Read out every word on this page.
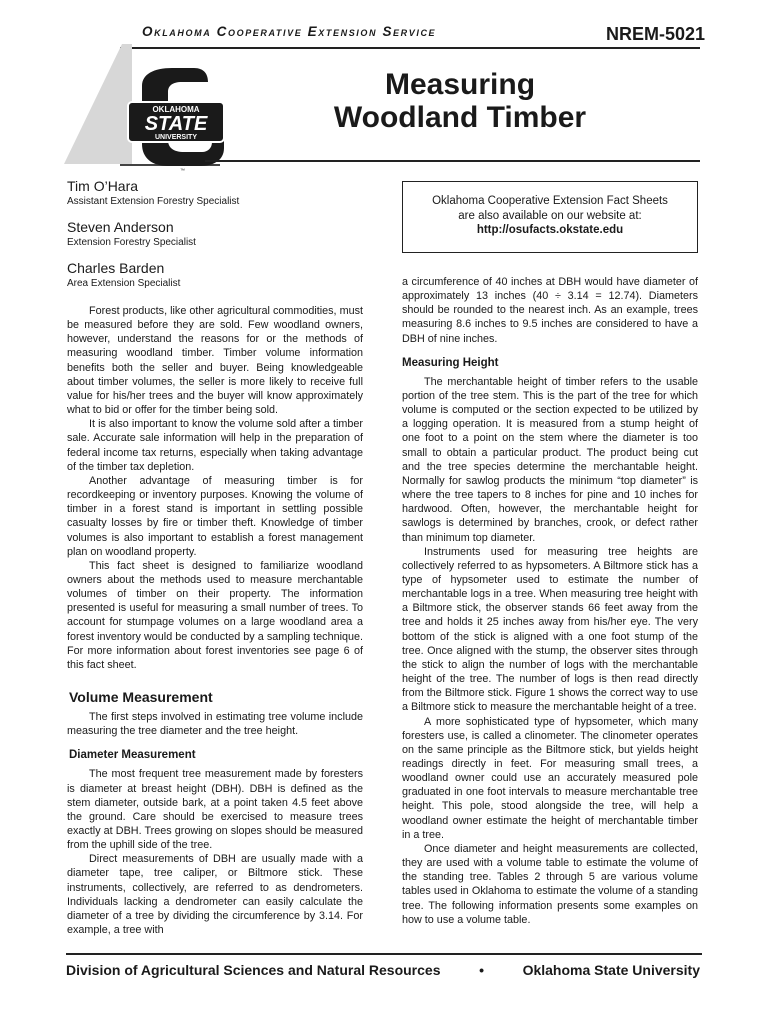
Oklahoma Cooperative Extension Service	NREM-5021
OKLAHOMA
STATE
UNIVERSITY
™
Measuring
Woodland Timber
Tim O’Hara
Assistant Extension Forestry Specialist
Steven Anderson
Extension Forestry Specialist
Charles Barden
Area Extension Specialist
Oklahoma Cooperative Extension Fact Sheets
are also available on our website at:
http://osufacts.okstate.edu

Forest products, like other agricultural commodities, must be measured before they are sold. Few woodland owners, however, understand the reasons for or the methods of measuring woodland timber. Timber volume information benefits both the seller and buyer. Being knowledgeable about timber volumes, the seller is more likely to receive full value for his/her trees and the buyer will know approximately what to bid or offer for the timber being sold.

It is also important to know the volume sold after a timber sale. Accurate sale information will help in the preparation of federal income tax returns, especially when taking advantage of the timber tax depletion.

Another advantage of measuring timber is for recordkeeping or inventory purposes. Knowing the volume of timber in a forest stand is important in settling possible casualty losses by fire or timber theft. Knowledge of timber volumes is also important to establish a forest management plan on woodland property.

This fact sheet is designed to familiarize woodland owners about the methods used to measure merchantable volumes of timber on their property. The information presented is useful for measuring a small number of trees. To account for stumpage volumes on a large woodland area a forest inventory would be conducted by a sampling technique. For more information about forest inventories see page 6 of this fact sheet.

Volume Measurement

The first steps involved in estimating tree volume include measuring the tree diameter and the tree height.

Diameter Measurement

The most frequent tree measurement made by foresters is diameter at breast height (DBH). DBH is defined as the stem diameter, outside bark, at a point taken 4.5 feet above the ground. Care should be exercised to measure trees exactly at DBH. Trees growing on slopes should be measured from the uphill side of the tree.

Direct measurements of DBH are usually made with a diameter tape, tree caliper, or Biltmore stick. These instruments, collectively, are referred to as dendrometers. Individuals lacking a dendrometer can easily calculate the diameter of a tree by dividing the circumference by 3.14. For example, a tree with

a circumference of 40 inches at DBH would have diameter of approximately 13 inches (40 ÷ 3.14 = 12.74). Diameters should be rounded to the nearest inch. As an example, trees measuring 8.6 inches to 9.5 inches are considered to have a DBH of nine inches.

Measuring Height

The merchantable height of timber refers to the usable portion of the tree stem. This is the part of the tree for which volume is computed or the section expected to be utilized by a logging operation. It is measured from a stump height of one foot to a point on the stem where the diameter is too small to obtain a particular product. The product being cut and the tree species determine the merchantable height. Normally for sawlog products the minimum “top diameter” is where the tree tapers to 8 inches for pine and 10 inches for hardwood. Often, however, the merchantable height for sawlogs is determined by branches, crook, or defect rather than minimum top diameter.

Instruments used for measuring tree heights are collectively referred to as hypsometers. A Biltmore stick has a type of hypsometer used to estimate the number of merchantable logs in a tree. When measuring tree height with a Biltmore stick, the observer stands 66 feet away from the tree and holds it 25 inches away from his/her eye. The very bottom of the stick is aligned with a one foot stump of the tree. Once aligned with the stump, the observer sites through the stick to align the number of logs with the merchantable height of the tree. The number of logs is then read directly from the Biltmore stick. Figure 1 shows the correct way to use a Biltmore stick to measure the merchantable height of a tree.

A more sophisticated type of hypsometer, which many foresters use, is called a clinometer. The clinometer operates on the same principle as the Biltmore stick, but yields height readings directly in feet. For measuring small trees, a woodland owner could use an accurately measured pole graduated in one foot intervals to measure merchantable tree height. This pole, stood alongside the tree, will help a woodland owner estimate the height of merchantable timber in a tree.

Once diameter and height measurements are collected, they are used with a volume table to estimate the volume of the standing tree. Tables 2 through 5 are various volume tables used in Oklahoma to estimate the volume of a standing tree. The following information presents some examples on how to use a volume table.

Division of Agricultural Sciences and Natural Resources	•	Oklahoma State University
